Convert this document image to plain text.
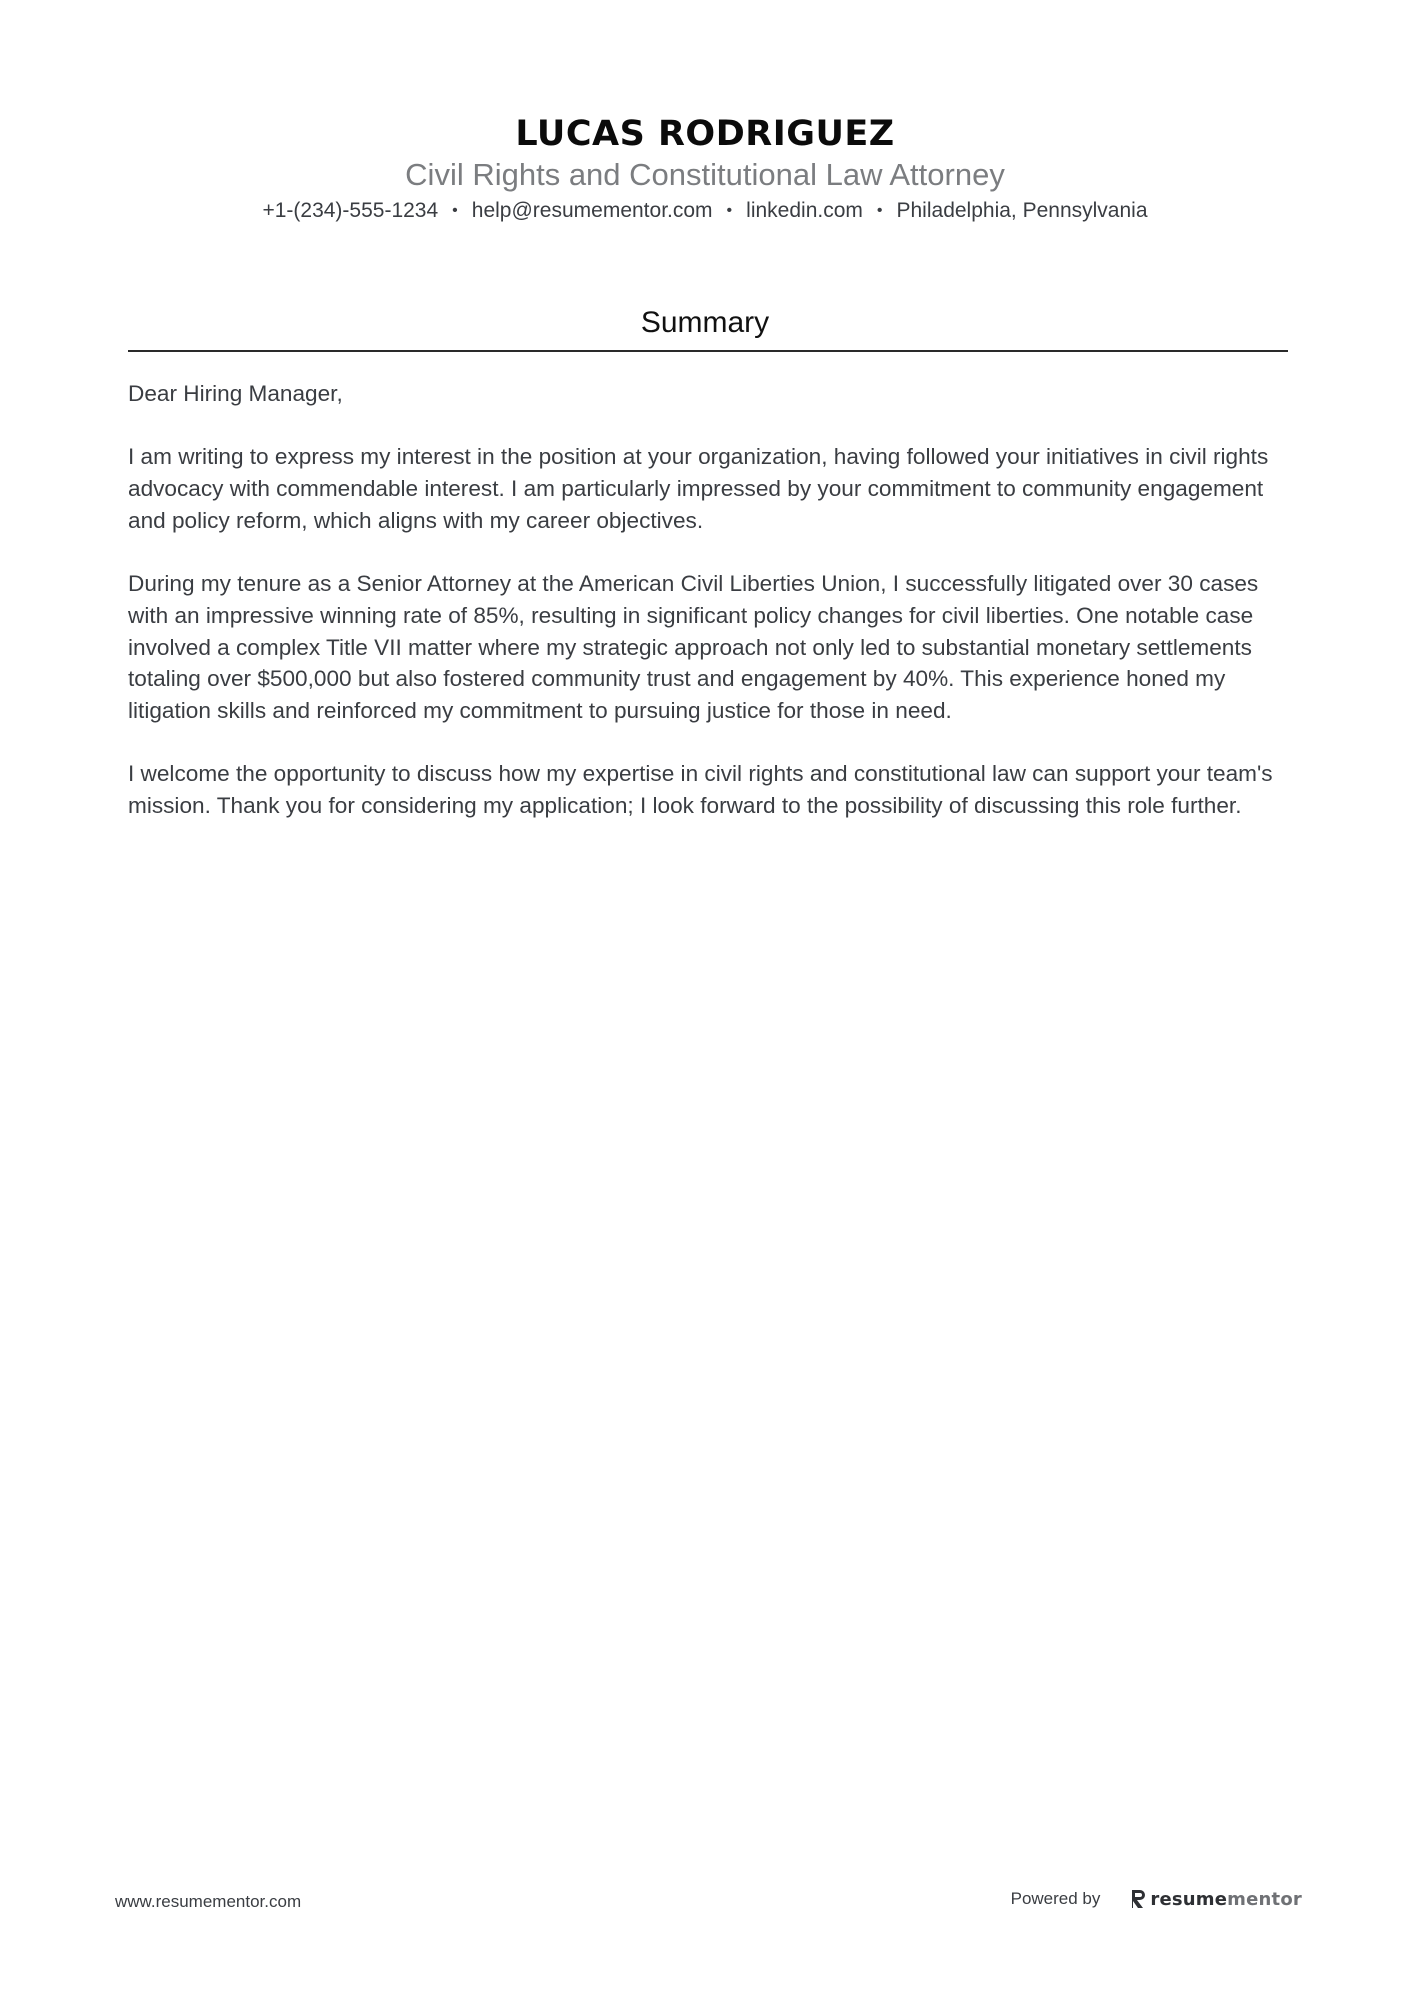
LUCAS RODRIGUEZ
Civil Rights and Constitutional Law Attorney
+1-(234)-555-1234 • help@resumementor.com • linkedin.com • Philadelphia, Pennsylvania
Summary

Dear Hiring Manager,

I am writing to express my interest in the position at your organization, having followed your initiatives in civil rights advocacy with commendable interest. I am particularly impressed by your commitment to community engagement and policy reform, which aligns with my career objectives.

During my tenure as a Senior Attorney at the American Civil Liberties Union, I successfully litigated over 30 cases with an impressive winning rate of 85%, resulting in significant policy changes for civil liberties. One notable case involved a complex Title VII matter where my strategic approach not only led to substantial monetary settlements totaling over $500,000 but also fostered community trust and engagement by 40%. This experience honed my litigation skills and reinforced my commitment to pursuing justice for those in need.

I welcome the opportunity to discuss how my expertise in civil rights and constitutional law can support your team's mission. Thank you for considering my application; I look forward to the possibility of discussing this role further.

www.resumementor.com	Powered by	resumementor
